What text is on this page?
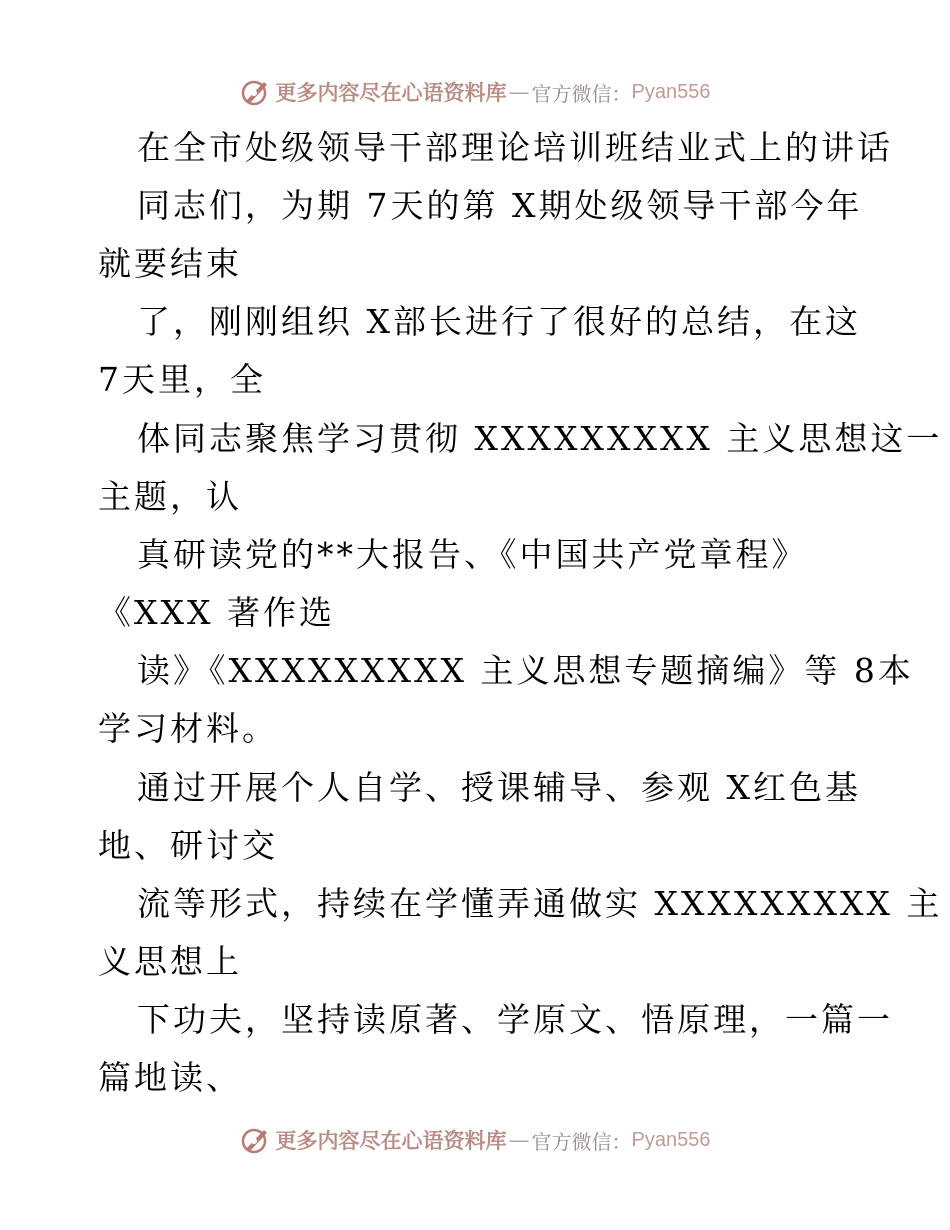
更多内容尽在心语资料库 — 官方微信： Pyan556
在全市处级领导干部理论培训班结业式上的讲话
同志们，为期 7天的第 X期处级领导干部今年
就要结束
了，刚刚组织 X部长进行了很好的总结，在这
7天里，全
体同志聚焦学习贯彻 XXXXXXXXX 主义思想这一
主题，认
真研读党的**大报告、《中国共产党章程》
《XXX 著作选
读》《XXXXXXXXX 主义思想专题摘编》等 8本
学习材料。
通过开展个人自学、授课辅导、参观 X红色基
地、研讨交
流等形式，持续在学懂弄通做实 XXXXXXXXX 主
义思想上
下功夫，坚持读原著、学原文、悟原理，一篇一
篇地读、
更多内容尽在心语资料库 — 官方微信： Pyan556
